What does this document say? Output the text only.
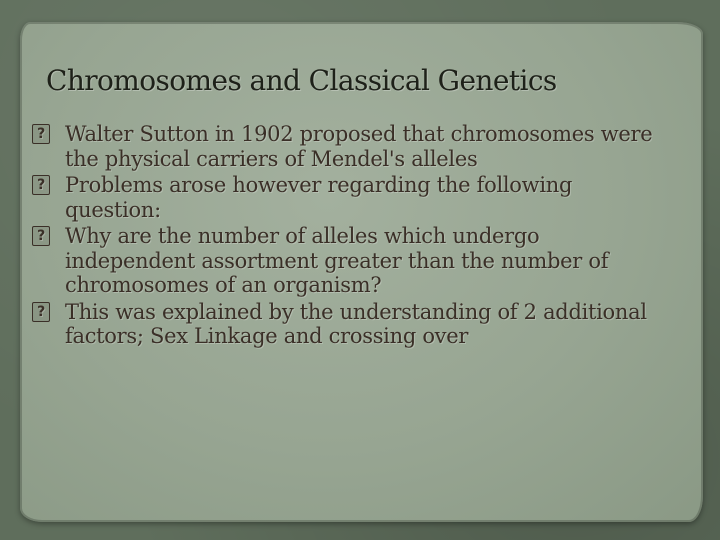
Chromosomes and Classical Genetics
? Walter Sutton in 1902 proposed that chromosomes were the physical carriers of Mendel's alleles
? Problems arose however regarding the following question:
? Why are the number of alleles which undergo independent assortment greater than the number of chromosomes of an organism?
? This was explained by the understanding of 2 additional factors; Sex Linkage and crossing over
